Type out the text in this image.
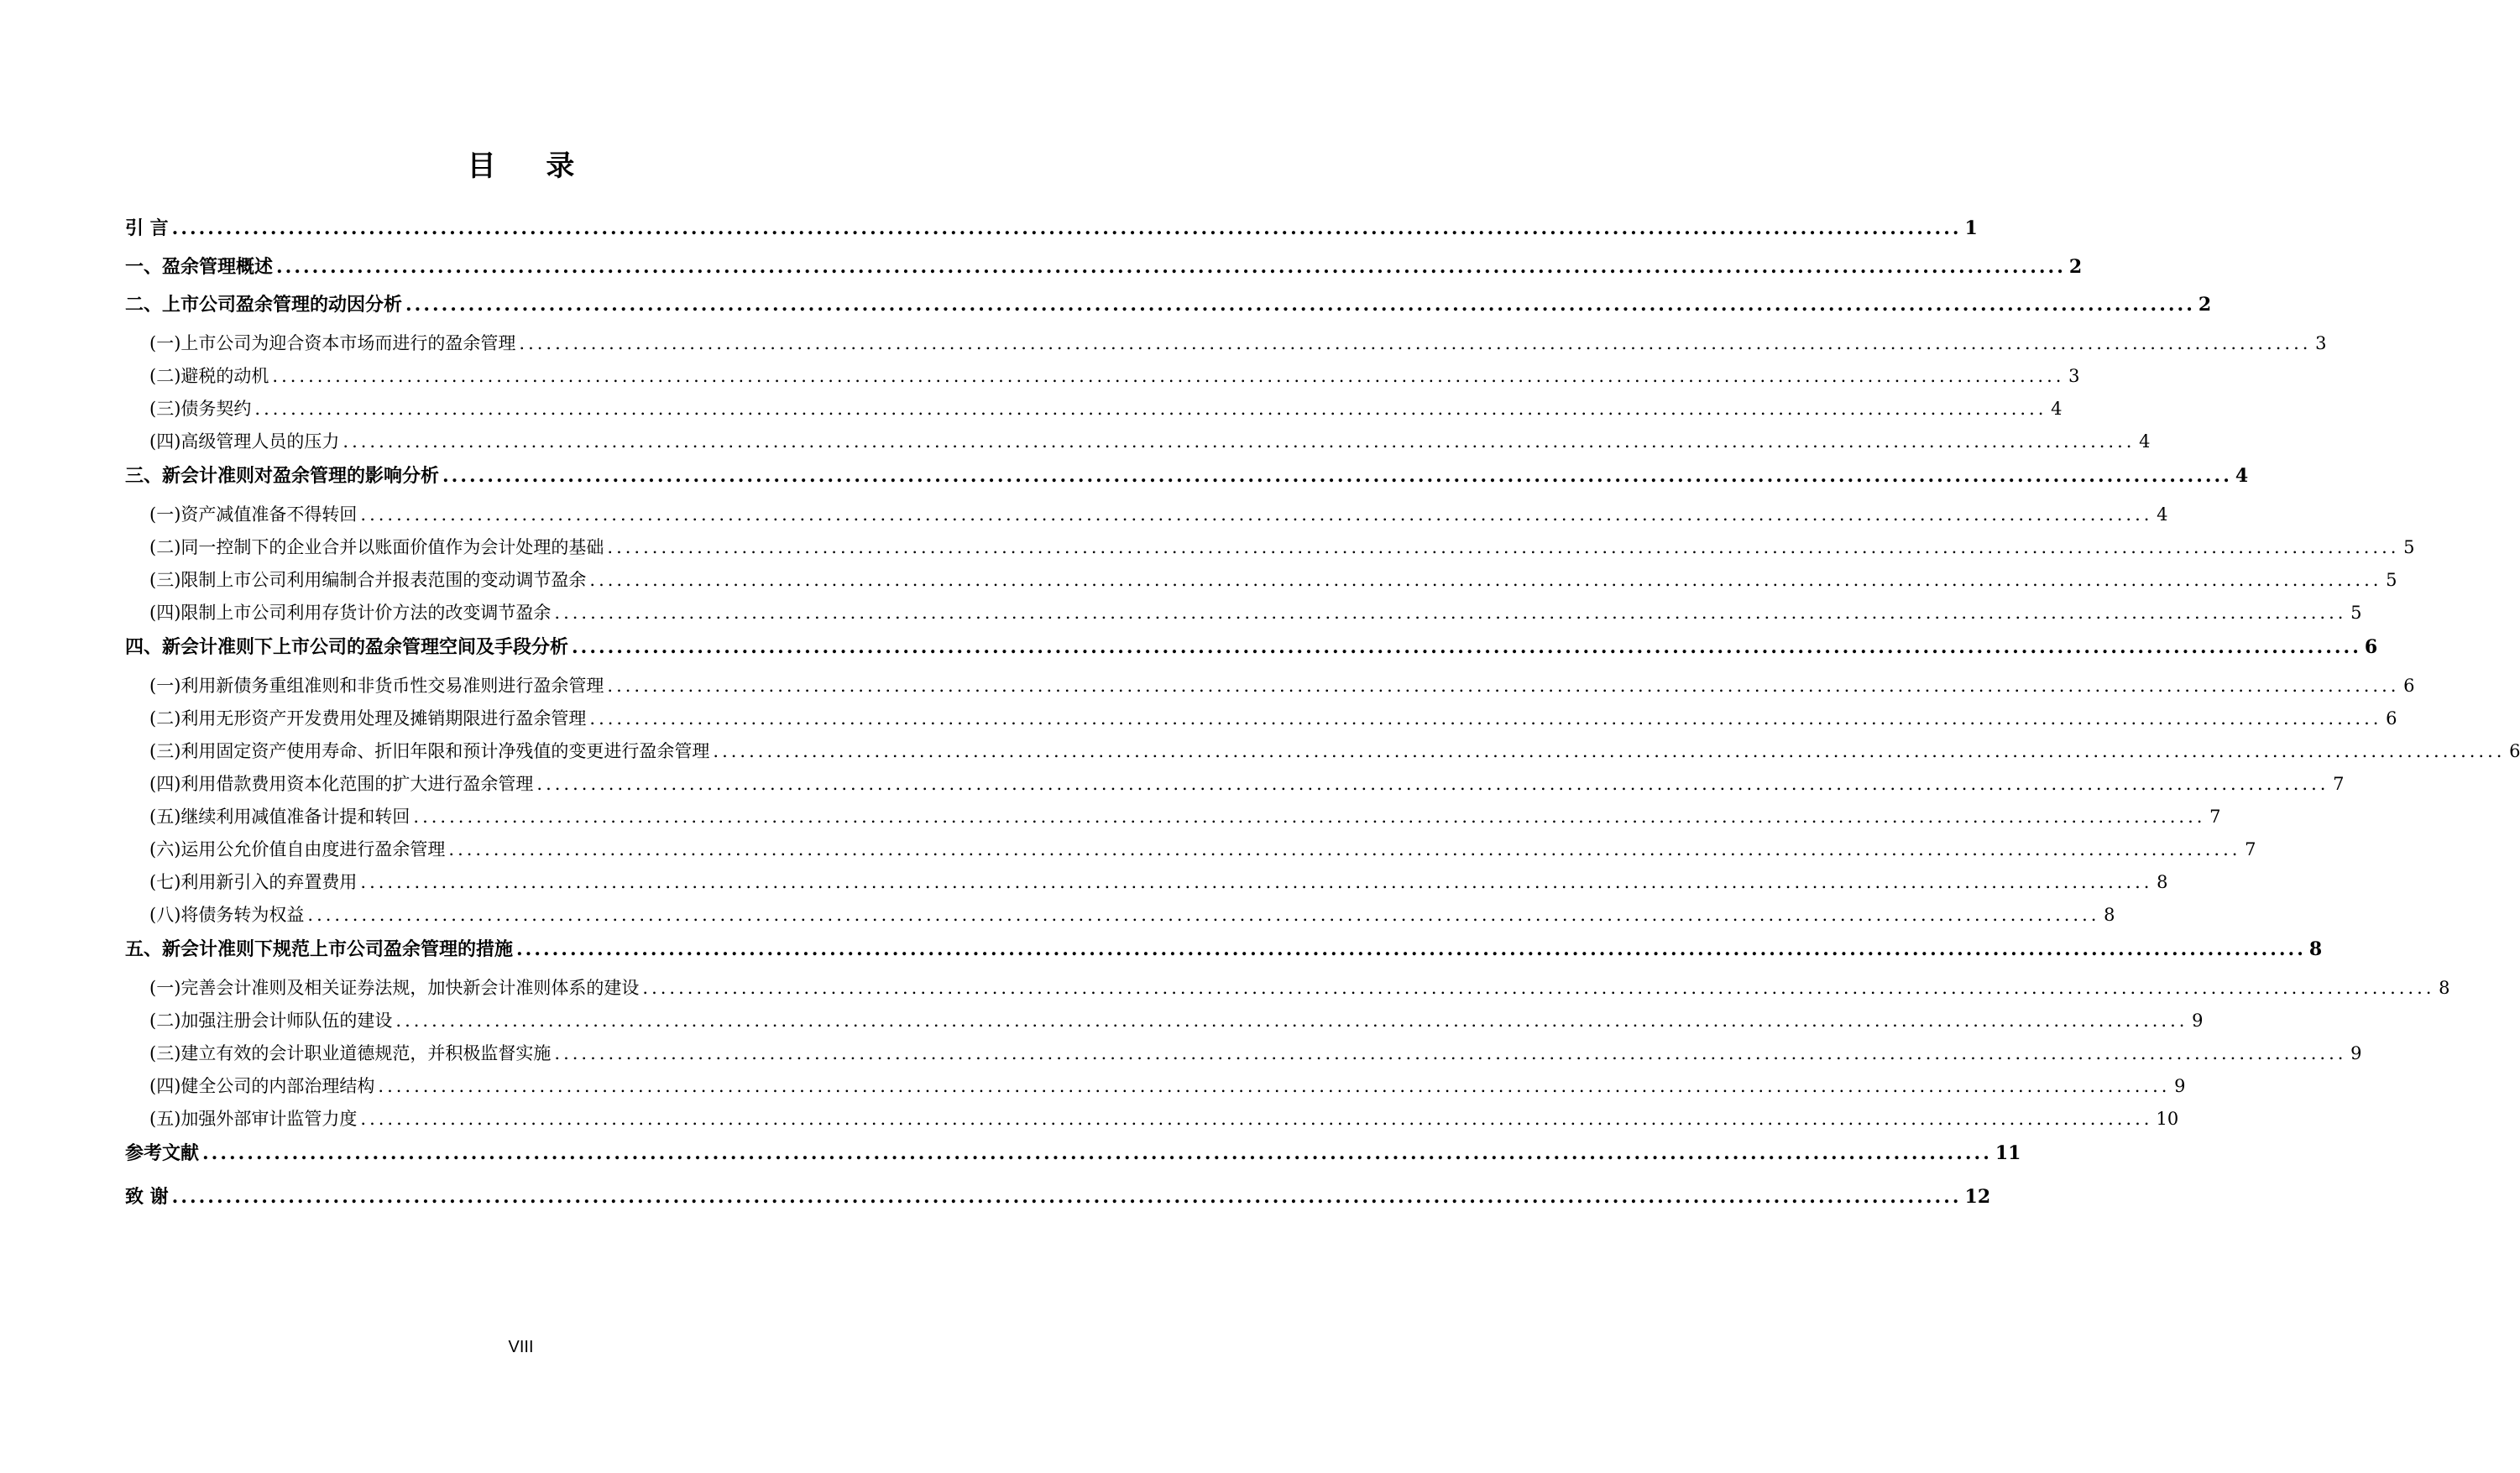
目 录
引 言 ........................................................................................................................................................................................................ 1
一、盈余管理概述 ........................................................................................................................................................................................................ 2
二、上市公司盈余管理的动因分析 ........................................................................................................................................................................................................ 2
(一)上市公司为迎合资本市场而进行的盈余管理 ........................................................................................................................................................................................................ 3
(二)避税的动机 ........................................................................................................................................................................................................ 3
(三)债务契约 ........................................................................................................................................................................................................ 4
(四)高级管理人员的压力 ........................................................................................................................................................................................................ 4
三、新会计准则对盈余管理的影响分析 ........................................................................................................................................................................................................ 4
(一)资产减值准备不得转回 ........................................................................................................................................................................................................ 4
(二)同一控制下的企业合并以账面价值作为会计处理的基础 ........................................................................................................................................................................................................ 5
(三)限制上市公司利用编制合并报表范围的变动调节盈余 ........................................................................................................................................................................................................ 5
(四)限制上市公司利用存货计价方法的改变调节盈余 ........................................................................................................................................................................................................ 5
四、新会计准则下上市公司的盈余管理空间及手段分析 ........................................................................................................................................................................................................ 6
(一)利用新债务重组准则和非货币性交易准则进行盈余管理 ........................................................................................................................................................................................................ 6
(二)利用无形资产开发费用处理及摊销期限进行盈余管理 ........................................................................................................................................................................................................ 6
(三)利用固定资产使用寿命、折旧年限和预计净残值的变更进行盈余管理 ........................................................................................................................................................................................................ 6
(四)利用借款费用资本化范围的扩大进行盈余管理 ........................................................................................................................................................................................................ 7
(五)继续利用减值准备计提和转回 ........................................................................................................................................................................................................ 7
(六)运用公允价值自由度进行盈余管理 ........................................................................................................................................................................................................ 7
(七)利用新引入的弃置费用 ........................................................................................................................................................................................................ 8
(八)将债务转为权益 ........................................................................................................................................................................................................ 8
五、新会计准则下规范上市公司盈余管理的措施 ........................................................................................................................................................................................................ 8
(一)完善会计准则及相关证券法规，加快新会计准则体系的建设 ........................................................................................................................................................................................................ 8
(二)加强注册会计师队伍的建设 ........................................................................................................................................................................................................ 9
(三)建立有效的会计职业道德规范，并积极监督实施 ........................................................................................................................................................................................................ 9
(四)健全公司的内部治理结构 ........................................................................................................................................................................................................ 9
(五)加强外部审计监管力度 ........................................................................................................................................................................................................ 10
参考文献 ........................................................................................................................................................................................................ 11
致 谢 ........................................................................................................................................................................................................ 12
VIII
